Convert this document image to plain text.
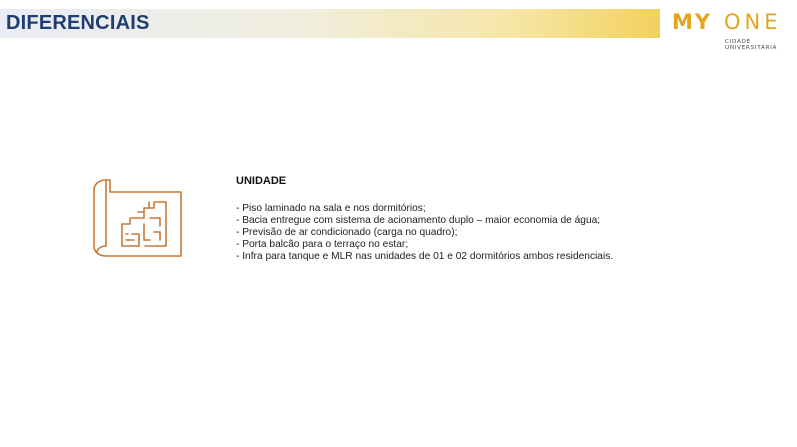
DIFERENCIAIS	MY ONE
CIDADE
UNIVERSITÁRIA
UNIDADE
- Piso laminado na sala e nos dormitórios;
- Bacia entregue com sistema de acionamento duplo – maior economia de água;
- Previsão de ar condicionado (carga no quadro);
- Porta balcão para o terraço no estar;
- Infra para tanque e MLR nas unidades de 01 e 02 dormitórios ambos residenciais.
